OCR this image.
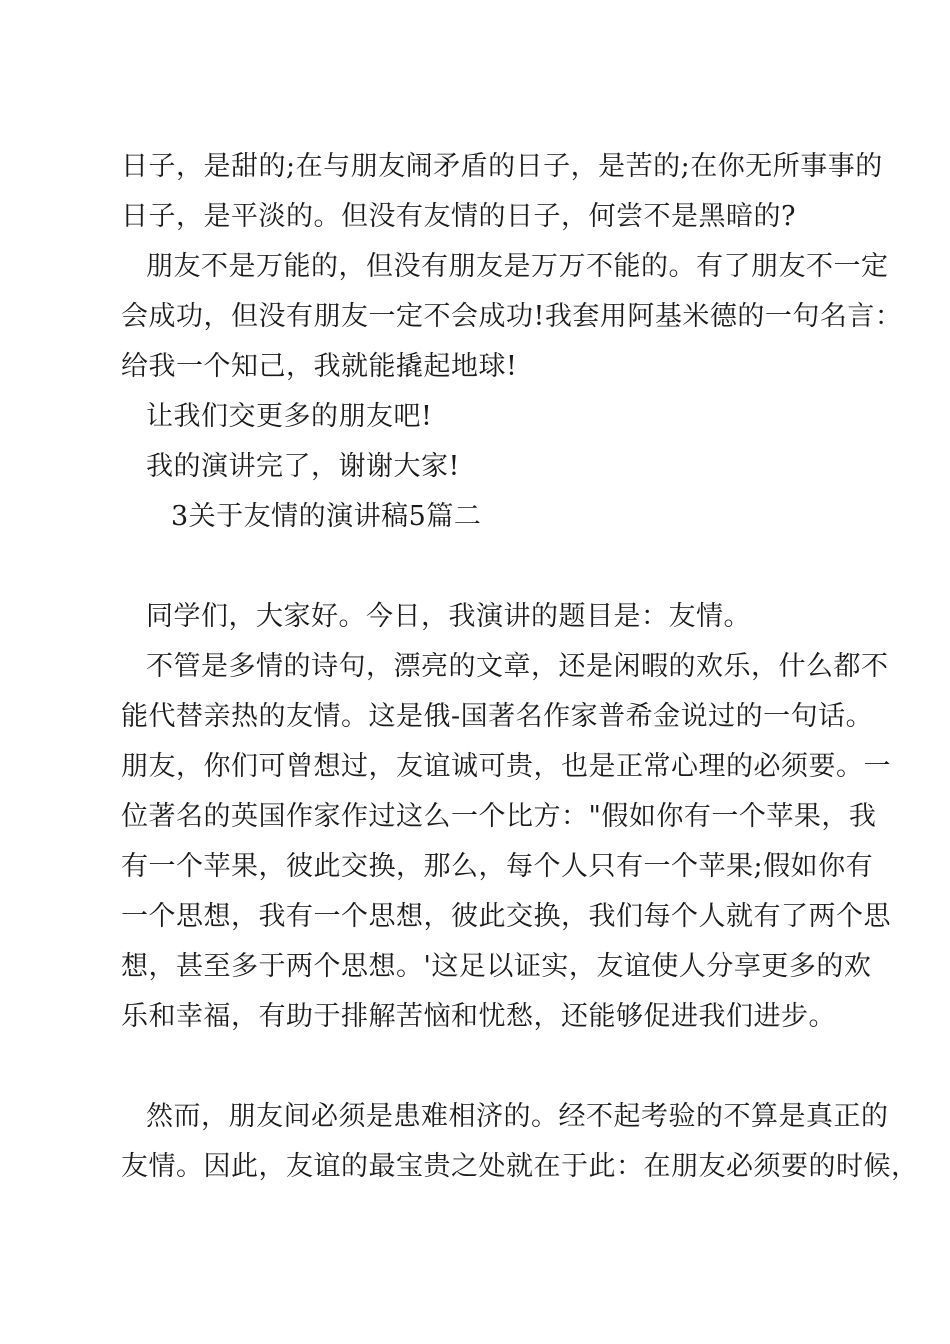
日子，是甜的;在与朋友闹矛盾的日子，是苦的;在你无所事事的
日子，是平淡的。但没有友情的日子，何尝不是黑暗的?
朋友不是万能的，但没有朋友是万万不能的。有了朋友不一定
会成功，但没有朋友一定不会成功!我套用阿基米德的一句名言：
给我一个知己，我就能撬起地球!
让我们交更多的朋友吧!
我的演讲完了，谢谢大家!
3关于友情的演讲稿5篇二
同学们，大家好。今日，我演讲的题目是：友情。
不管是多情的诗句，漂亮的文章，还是闲暇的欢乐，什么都不
能代替亲热的友情。这是俄-国著名作家普希金说过的一句话。
朋友，你们可曾想过，友谊诚可贵，也是正常心理的必须要。一
位著名的英国作家作过这么一个比方："假如你有一个苹果，我
有一个苹果，彼此交换，那么，每个人只有一个苹果;假如你有
一个思想，我有一个思想，彼此交换，我们每个人就有了两个思
想，甚至多于两个思想。'这足以证实，友谊使人分享更多的欢
乐和幸福，有助于排解苦恼和忧愁，还能够促进我们进步。
然而，朋友间必须是患难相济的。经不起考验的不算是真正的
友情。因此，友谊的最宝贵之处就在于此：在朋友必须要的时候，
